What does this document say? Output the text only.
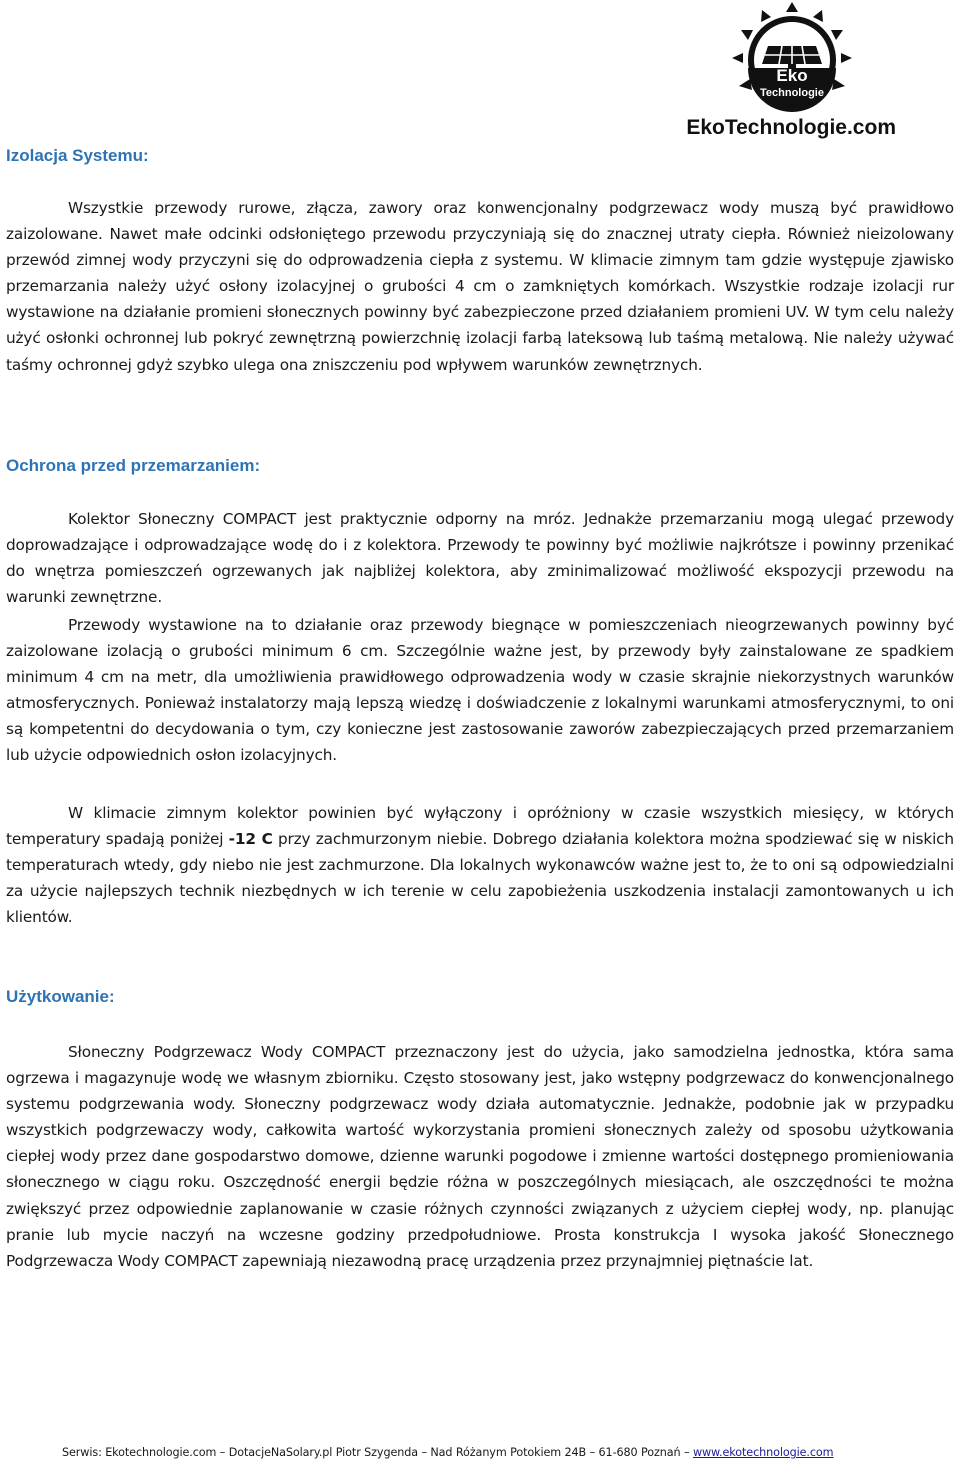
Eko
Technologie
EkoTechnologie.com
Izolacja Systemu:

Wszystkie przewody rurowe, złącza, zawory oraz konwencjonalny podgrzewacz wody muszą być prawidłowo zaizolowane. Nawet małe odcinki odsłoniętego przewodu przyczyniają się do znacznej utraty ciepła. Również nieizolowany przewód zimnej wody przyczyni się do odprowadzenia ciepła z systemu. W klimacie zimnym tam gdzie występuje zjawisko przemarzania należy użyć osłony izolacyjnej o grubości 4 cm o zamkniętych komórkach. Wszystkie rodzaje izolacji rur wystawione na działanie promieni słonecznych powinny być zabezpieczone przed działaniem promieni UV. W tym celu należy użyć osłonki ochronnej lub pokryć zewnętrzną powierzchnię izolacji farbą lateksową lub taśmą metalową. Nie należy używać taśmy ochronnej gdyż szybko ulega ona zniszczeniu pod wpływem warunków zewnętrznych.

Ochrona przed przemarzaniem:

Kolektor Słoneczny COMPACT jest praktycznie odporny na mróz. Jednakże przemarzaniu mogą ulegać przewody doprowadzające i odprowadzające wodę do i z kolektora. Przewody te powinny być możliwie najkrótsze i powinny przenikać do wnętrza pomieszczeń ogrzewanych jak najbliżej kolektora, aby zminimalizować możliwość ekspozycji przewodu na warunki zewnętrzne.

Przewody wystawione na to działanie oraz przewody biegnące w pomieszczeniach nieogrzewanych powinny być zaizolowane izolacją o grubości minimum 6 cm. Szczególnie ważne jest, by przewody były zainstalowane ze spadkiem minimum 4 cm na metr, dla umożliwienia prawidłowego odprowadzenia wody w czasie skrajnie niekorzystnych warunków atmosferycznych. Ponieważ instalatorzy mają lepszą wiedzę i doświadczenie z lokalnymi warunkami atmosferycznymi, to oni są kompetentni do decydowania o tym, czy konieczne jest zastosowanie zaworów zabezpieczających przed przemarzaniem lub użycie odpowiednich osłon izolacyjnych.

W klimacie zimnym kolektor powinien być wyłączony i opróżniony w czasie wszystkich miesięcy, w których temperatury spadają poniżej -12 C przy zachmurzonym niebie. Dobrego działania kolektora można spodziewać się w niskich temperaturach wtedy, gdy niebo nie jest zachmurzone. Dla lokalnych wykonawców ważne jest to, że to oni są odpowiedzialni za użycie najlepszych technik niezbędnych w ich terenie w celu zapobieżenia uszkodzenia instalacji zamontowanych u ich klientów.

Użytkowanie:

Słoneczny Podgrzewacz Wody COMPACT przeznaczony jest do użycia, jako samodzielna jednostka, która sama ogrzewa i magazynuje wodę we własnym zbiorniku. Często stosowany jest, jako wstępny podgrzewacz do konwencjonalnego systemu podgrzewania wody. Słoneczny podgrzewacz wody działa automatycznie. Jednakże, podobnie jak w przypadku wszystkich podgrzewaczy wody, całkowita wartość wykorzystania promieni słonecznych zależy od sposobu użytkowania ciepłej wody przez dane gospodarstwo domowe, dzienne warunki pogodowe i zmienne wartości dostępnego promieniowania słonecznego w ciągu roku. Oszczędność energii będzie różna w poszczególnych miesiącach, ale oszczędności te można zwiększyć przez odpowiednie zaplanowanie w czasie różnych czynności związanych z użyciem ciepłej wody, np. planując pranie lub mycie naczyń na wczesne godziny przedpołudniowe. Prosta konstrukcja I wysoka jakość Słonecznego Podgrzewacza Wody COMPACT zapewniają niezawodną pracę urządzenia przez przynajmniej piętnaście lat.

Serwis: Ekotechnologie.com – DotacjeNaSolary.pl Piotr Szygenda – Nad Różanym Potokiem 24B – 61-680 Poznań – www.ekotechnologie.com
